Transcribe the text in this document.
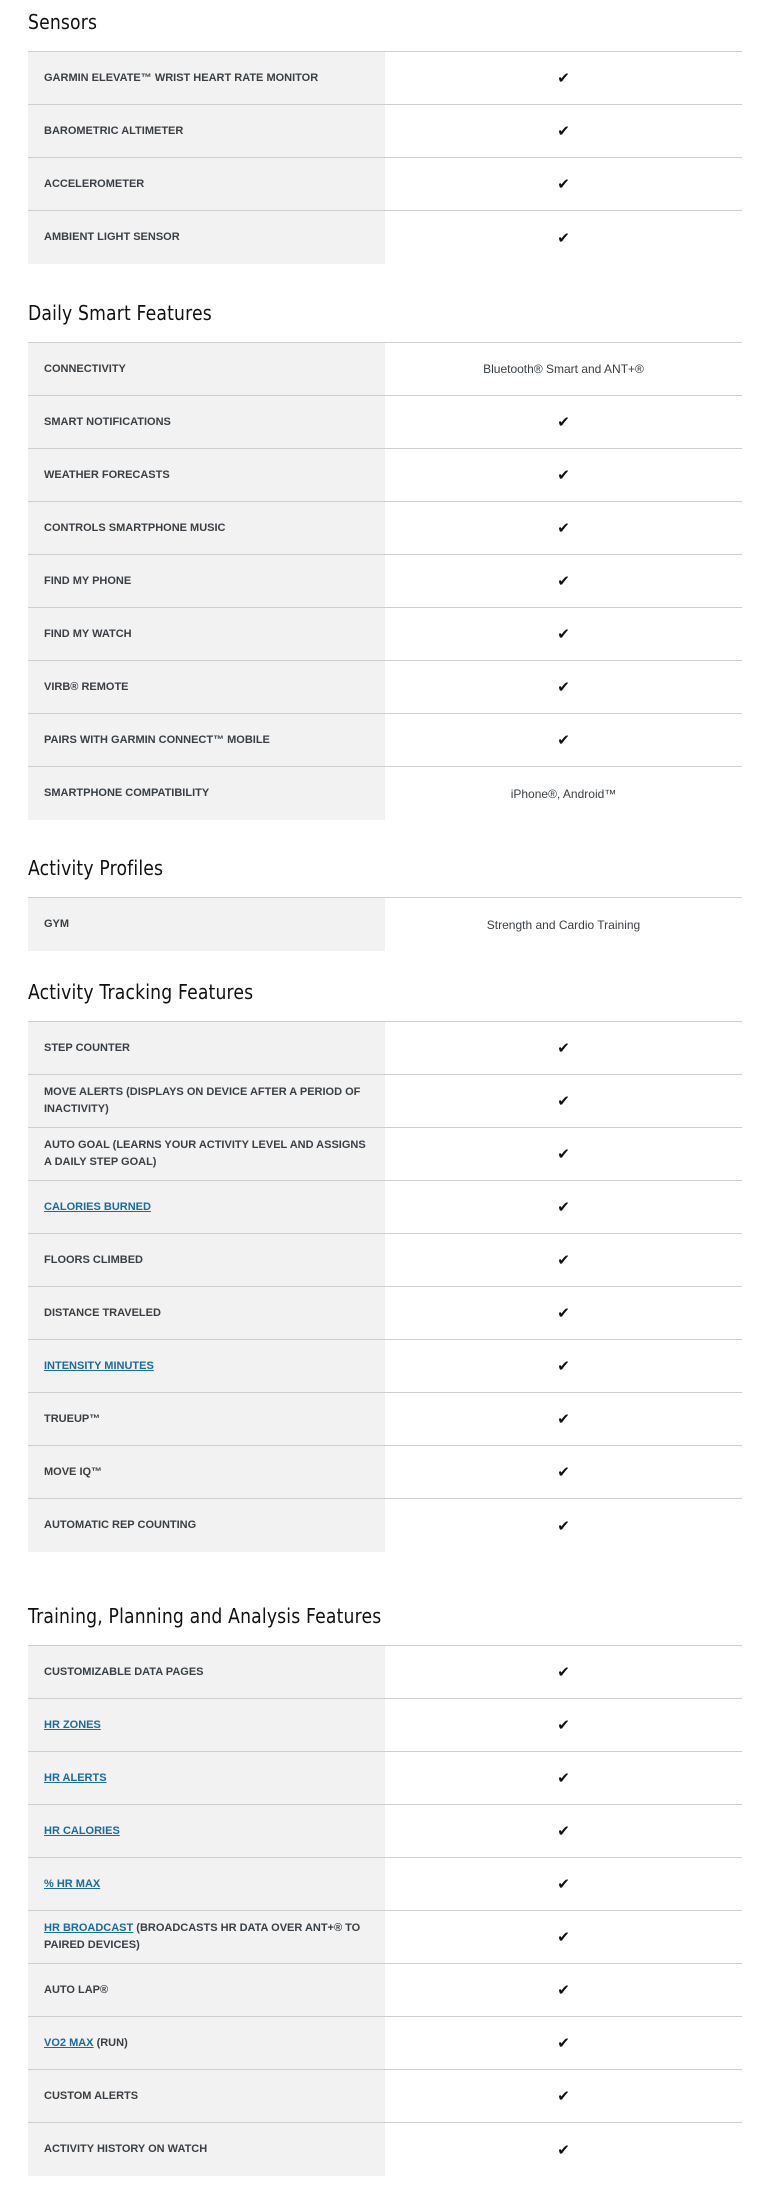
Sensors
GARMIN ELEVATE™ WRIST HEART RATE MONITOR	✔
BAROMETRIC ALTIMETER	✔
ACCELEROMETER	✔
AMBIENT LIGHT SENSOR	✔
Daily Smart Features
CONNECTIVITY	Bluetooth® Smart and ANT+®
SMART NOTIFICATIONS	✔
WEATHER FORECASTS	✔
CONTROLS SMARTPHONE MUSIC	✔
FIND MY PHONE	✔
FIND MY WATCH	✔
VIRB® REMOTE	✔
PAIRS WITH GARMIN CONNECT™ MOBILE	✔
SMARTPHONE COMPATIBILITY	iPhone®, Android™
Activity Profiles
GYM	Strength and Cardio Training
Activity Tracking Features
STEP COUNTER	✔
MOVE ALERTS (DISPLAYS ON DEVICE AFTER A PERIOD OF INACTIVITY)	✔
AUTO GOAL (LEARNS YOUR ACTIVITY LEVEL AND ASSIGNS A DAILY STEP GOAL)	✔
CALORIES BURNED	✔
FLOORS CLIMBED	✔
DISTANCE TRAVELED	✔
INTENSITY MINUTES	✔
TRUEUP™	✔
MOVE IQ™	✔
AUTOMATIC REP COUNTING	✔
Training, Planning and Analysis Features
CUSTOMIZABLE DATA PAGES	✔
HR ZONES	✔
HR ALERTS	✔
HR CALORIES	✔
% HR MAX	✔
HR BROADCAST (BROADCASTS HR DATA OVER ANT+® TO PAIRED DEVICES)	✔
AUTO LAP®	✔
VO2 MAX (RUN)	✔
CUSTOM ALERTS	✔
ACTIVITY HISTORY ON WATCH	✔
